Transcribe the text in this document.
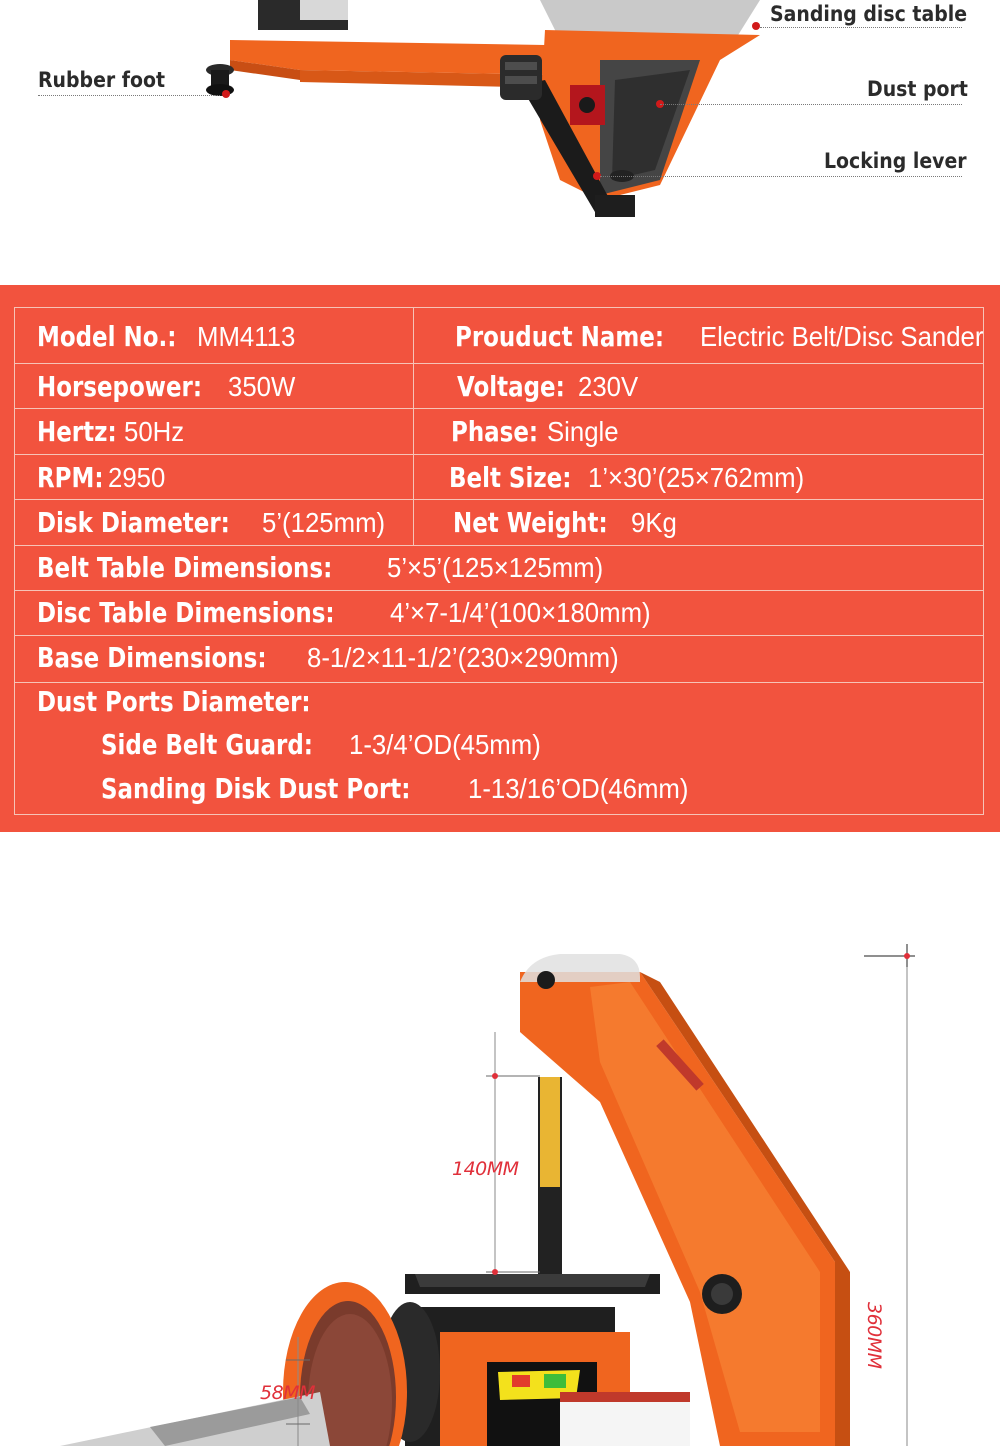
Sanding disc table
Rubber foot	Dust port
Locking lever
Model No.: MM4113	Prouduct Name: Electric Belt/Disc Sander
Horsepower: 350W	Voltage: 230V
Hertz: 50Hz	Phase: Single
RPM: 2950	Belt Size: 1’×30’(25×762mm)
Disk Diameter: 5’(125mm)	Net Weight: 9Kg
Belt Table Dimensions: 5’×5’(125×125mm)
Disc Table Dimensions: 4’×7-1/4’(100×180mm)
Base Dimensions: 8-1/2×11-1/2’(230×290mm)
Dust Ports Diameter:
Side Belt Guard: 1-3/4’OD(45mm)
Sanding Disk Dust Port: 1-13/16’OD(46mm)
360MM
140MM
58MM
